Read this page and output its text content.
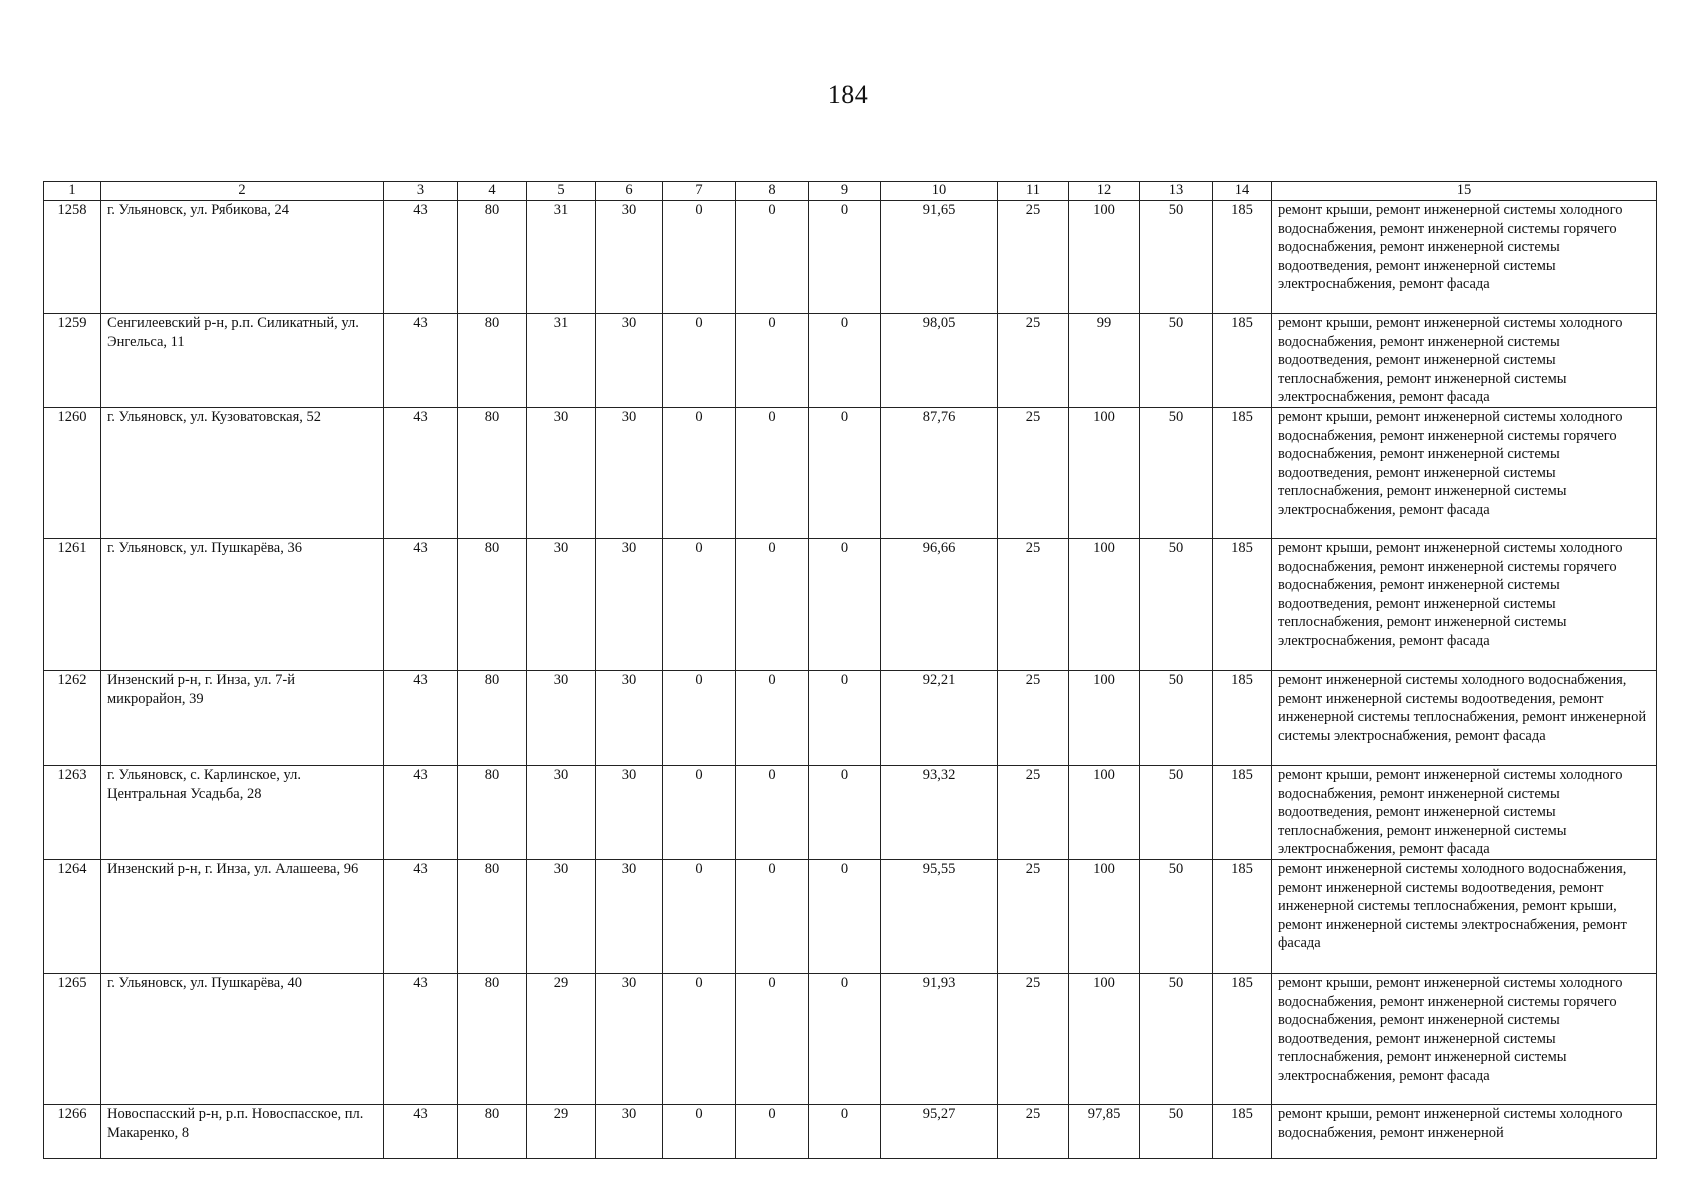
184
1	2	3	4	5	6	7	8	9	10	11	12	13	14	15
1258	г. Ульяновск, ул. Рябикова, 24	43	80	31	30	0	0	0	91,65	25	100	50	185	ремонт крыши, ремонт инженерной системы холодного водоснабжения, ремонт инженерной системы горячего водоснабжения, ремонт инженерной системы водоотведения, ремонт инженерной системы электроснабжения, ремонт фасада
1259	Сенгилеевский р-н, р.п. Силикатный, ул. Энгельса, 11	43	80	31	30	0	0	0	98,05	25	99	50	185	ремонт крыши, ремонт инженерной системы холодного водоснабжения, ремонт инженерной системы водоотведения, ремонт инженерной системы теплоснабжения, ремонт инженерной системы электроснабжения, ремонт фасада
1260	г. Ульяновск, ул. Кузоватовская, 52	43	80	30	30	0	0	0	87,76	25	100	50	185	ремонт крыши, ремонт инженерной системы холодного водоснабжения, ремонт инженерной системы горячего водоснабжения, ремонт инженерной системы водоотведения, ремонт инженерной системы теплоснабжения, ремонт инженерной системы электроснабжения, ремонт фасада
1261	г. Ульяновск, ул. Пушкарёва, 36	43	80	30	30	0	0	0	96,66	25	100	50	185	ремонт крыши, ремонт инженерной системы холодного водоснабжения, ремонт инженерной системы горячего водоснабжения, ремонт инженерной системы водоотведения, ремонт инженерной системы теплоснабжения, ремонт инженерной системы электроснабжения, ремонт фасада
1262	Инзенский р-н, г. Инза, ул. 7-й микрорайон, 39	43	80	30	30	0	0	0	92,21	25	100	50	185	ремонт инженерной системы холодного водоснабжения, ремонт инженерной системы водоотведения, ремонт инженерной системы теплоснабжения, ремонт инженерной системы электроснабжения, ремонт фасада
1263	г. Ульяновск, с. Карлинское, ул. Центральная Усадьба, 28	43	80	30	30	0	0	0	93,32	25	100	50	185	ремонт крыши, ремонт инженерной системы холодного водоснабжения, ремонт инженерной системы водоотведения, ремонт инженерной системы теплоснабжения, ремонт инженерной системы электроснабжения, ремонт фасада
1264	Инзенский р-н, г. Инза, ул. Алашеева, 96	43	80	30	30	0	0	0	95,55	25	100	50	185	ремонт инженерной системы холодного водоснабжения, ремонт инженерной системы водоотведения, ремонт инженерной системы теплоснабжения, ремонт крыши, ремонт инженерной системы электроснабжения, ремонт фасада
1265	г. Ульяновск, ул. Пушкарёва, 40	43	80	29	30	0	0	0	91,93	25	100	50	185	ремонт крыши, ремонт инженерной системы холодного водоснабжения, ремонт инженерной системы горячего водоснабжения, ремонт инженерной системы водоотведения, ремонт инженерной системы теплоснабжения, ремонт инженерной системы электроснабжения, ремонт фасада
1266	Новоспасский р-н, р.п. Новоспасское, пл. Макаренко, 8	43	80	29	30	0	0	0	95,27	25	97,85	50	185	ремонт крыши, ремонт инженерной системы холодного водоснабжения, ремонт инженерной
